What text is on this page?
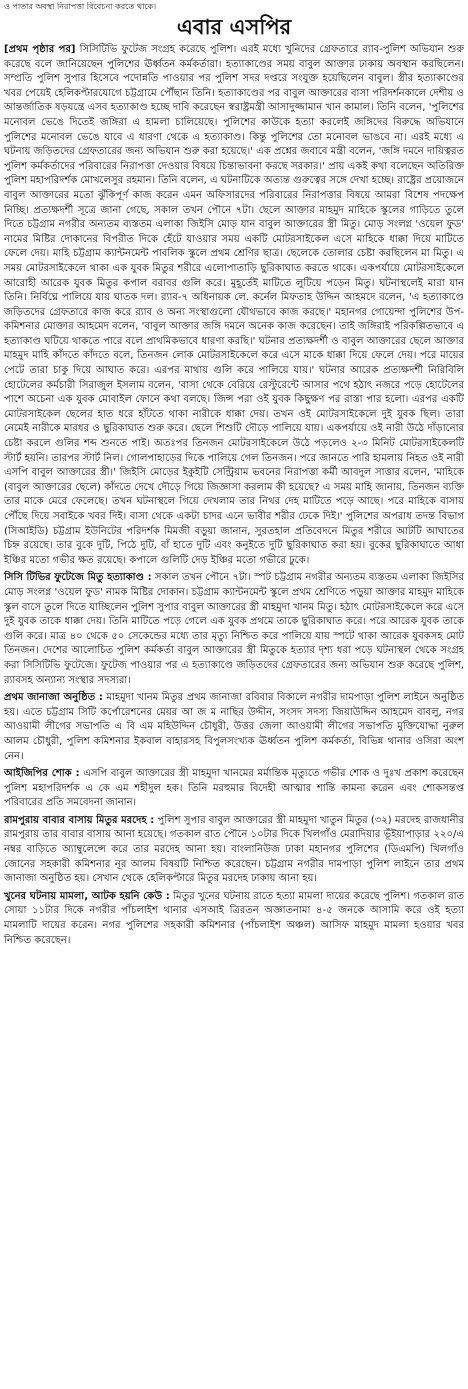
ও পাতার অবস্থা নিরাপত্তা বিবেচনা করতে থাকে।
এবার এসপির

[প্রথম পৃষ্ঠার পর] সিসিটিভি ফুটেজ সংগ্রহ করেছে পুলিশ। এরই মধ্যে খুনিদের গ্রেফতারে র‍্যাব-পুলিশ অভিযান শুরু করেছে বলে জানিয়েছেন পুলিশের ঊর্ধ্বতন কর্মকর্তারা। হত্যাকাণ্ডের সময় বাবুল আক্তার ঢাকায় অবস্থান করছিলেন। সম্প্রতি পুলিশ সুপার হিসেবে পদোন্নতি পাওয়ার পর পুলিশ সদর দপ্তরে সংযুক্ত হয়েছিলেন বাবুল। স্ত্রীর হত্যাকাণ্ডের খবর পেয়েই হেলিকপ্টারযোগে চট্টগ্রামে পৌঁছান তিনি। হত্যাকাণ্ডের পর বাবুল আক্তারের বাসা পরিদর্শনকালে দেশীয় ও আন্তর্জাতিক ষড়যন্ত্রে এসব হত্যাকাণ্ড হচ্ছে দাবি করেছেন স্বরাষ্ট্রমন্ত্রী আসাদুজ্জামান খান কামাল। তিনি বলেন, 'পুলিশের মনোবল ভেঙে দিতেই জঙ্গিরা এ হামলা চালিয়েছে। পুলিশের কাউকে হত্যা করলেই জঙ্গিদের বিরুদ্ধে অভিযানে পুলিশের মনোবল ভেঙে যাবে এ ধারণা থেকে এ হত্যাকাণ্ড। কিন্তু পুলিশের তো মনোবল ভাঙবে না। এরই মধ্যে এ ঘটনায় জড়িতদের গ্রেফতারের জন্য অভিযান শুরু করা হয়েছে।' এক প্রশ্নের জবাবে মন্ত্রী বলেন, 'জঙ্গি দমনে দায়িত্বরত পুলিশ কর্মকর্তাদের পরিবারের নিরাপত্তা দেওয়ার বিষয়ে চিন্তাভাবনা করছে সরকার।' প্রায় একই কথা বলেছেন অতিরিক্ত পুলিশ মহাপরিদর্শক মোখলেসুর রহমান। তিনি বলেন, এ ঘটনাটিকে অত্যন্ত গুরুত্বের সঙ্গে দেখা হচ্ছে। রাষ্ট্রের প্রয়োজনে বাবুল আক্তারের মতো ঝুঁকিপূর্ণ কাজ করেন এমন অফিসারদের পরিবারের নিরাপত্তার বিষয়ে আমরা বিশেষ পদক্ষেপ নিচ্ছি। প্রত্যক্ষদর্শী সূত্রে জানা গেছে, সকাল তখন পৌনে ৭টা। ছেলে আক্তার মাহমুদ মাহিকে স্কুলের গাড়িতে তুলে দিতে চট্টগ্রাম নগরীর অন্যতম ব্যস্ততম এলাকা জিইসি মোড় যান বাবুল আক্তারের স্ত্রী মিতু। মোড় সংলগ্ন 'ওয়েল ফুড' নামের মিষ্টির দোকানের বিপরীত দিকে হেঁটে যাওয়ার সময় একটি মোটরসাইকেল এসে মাহিকে ধাক্কা দিয়ে মাটিতে ফেলে দেয়। মাহি চট্টগ্রাম ক্যান্টনমেন্ট পাবলিক স্কুলে প্রথম শ্রেণির ছাত্র। ছেলেকে তোলার চেষ্টা করছিলেন মা মিতু। এ সময় মোটরসাইকেলে থাকা এক যুবক মিতুর শরীরে এলোপাতাড়ি ছুরিকাঘাত করতে থাকে। একপর্যায়ে মোটরসাইকেলে আরোহী আরেক যুবক মিতুর কপাল বরাবর গুলি করে। মুহূর্তেই মাটিতে লুটিয়ে পড়েন মিতু। ঘটনাস্থলেই মারা যান তিনি। নির্বিঘ্নে পালিয়ে যায় ঘাতক দল। র‍্যাব-৭ অধিনায়ক লে. কর্নেল মিফতাহ উদ্দিন আহমদে বলেন, 'এ হত্যাকাণ্ডে জড়িতদের গ্রেফতারে কাজ করে র‍্যাব ও অন্য সংস্থাগুলো যৌথভাবে কাজ করছে।' মহানগর গোয়েন্দা পুলিশের উপ-কমিশনার মোক্তার আহমেদ বলেন, 'বাবুল আক্তার জঙ্গি দমনে অনেক কাজ করেছেন। তাই জঙ্গিরাই পরিকল্পিতভাবে এ হত্যাকাণ্ড ঘটিয়ে থাকতে পারে বলে প্রাথমিকভাবে ধারণা করছি।' ঘটনার প্রত্যক্ষদর্শী ও বাবুল আক্তারের ছেলে আক্তার মাহমুদ মাহি কাঁদতে কাঁদতে বলে, তিনজন লোক মোটরসাইকেলে করে এসে মাকে ধাক্কা দিয়ে ফেলে দেয়। পরে মায়ের পেটে তারা চাকু দিয়ে আঘাত করে। এরপর মাথায় গুলি করে পালিয়ে যায়।' ঘটনার আরেক প্রত্যক্ষদর্শী নিরিবিলি হোটেলের কর্মচারী সিরাজুল ইসলাম বলেন, 'বাসা থেকে বেরিয়ে রেস্টুরেন্টে আসার পথে হঠাৎ নজরে পড়ে হোটেলের পাশে অচেনা এক যুবক মোবাইল ফোনে কথা বলছে। জিন্স পরা ওই যুবক কিছুক্ষণ পর রাস্তা পার হলো। এরপর একটি মোটরসাইকেল ছেলের হাত ধরে হাঁটতে থাকা নারীকে ধাক্কা দেয়। তখন ওই মোটরসাইকেলে দুই যুবক ছিল। তারা নেমেই নারীকে মারধর ও ছুরিকাঘাত শুরু করে। ছেলে শিশুটি দৌড়ে পালিয়ে যায়। একপর্যায়ে ওই নারী উঠে দাঁড়ানোর চেষ্টা করলে গুলির শব্দ শুনতে পাই। অতঃপর তিনজন মোটরসাইকেলে উঠে পড়লেও ২-৩ মিনিট মোটরসাইকেলটি স্টার্ট হয়নি। তারপর স্টার্ট নিল। গোলপাহাড়ের দিকে পালিয়ে গেল তিনজন। পরে জানতে পারি হামলায় নিহত ওই নারী এসপি বাবুল আক্তারের স্ত্রী।' জিইসি মোড়ের ইকুইটি সেন্ট্রিয়াম ভবনের নিরাপত্তা কর্মী আবদুল সাত্তার বলেন, 'মাহিকে (বাবুল আক্তারের ছেলে) কাঁদতে দেখে দৌড়ে গিয়ে জিজ্ঞাসা করলাম কী হয়েছে? এ সময় মাহি জানায়, তিনজন ব্যক্তি তার মাকে মেরে ফেলেছে। তখন ঘটনাস্থলে গিয়ে দেখলাম তার নিথর দেহ মাটিতে পড়ে আছে। পরে মাহিকে বাসায় পৌঁছে দিয়ে সবাইকে খবর দিই। বাসা থেকে একটা চাদর এনে ভাবীর শরীর ঢেকে দিই।' পুলিশের অপরাধ তদন্ত বিভাগ (সিআইডি) চট্টগ্রাম ইউনিটের পরিদর্শক মিমজী বড়ুয়া জানান, সুরতহাল প্রতিবেদনে মিতুর শরীরে আটটি আঘাতের চিহ্ন রয়েছে। তার বুকে দুটি, পিঠে দুটি, বাঁ হাতে দুটি এবং কনুইতে দুটি ছুরিকাঘাত করা হয়। বুকের ছুরিকাঘাতে আধা ইঞ্চির মতো গভীর ক্ষত রয়েছে। কপালে গুলিটি দেড় ইঞ্চির মতো গভীরে ঢুকে।

সিসি টিভির ফুটেজে মিতু হত্যাকাণ্ড : সকাল তখন পৌনে ৭টা। স্পট চট্টগ্রাম নগরীর অন্যতম ব্যস্ততম এলাকা জিইসির মোড় সংলগ্ন 'ওয়েল ফুড' নামক মিষ্টির দোকান। চট্টগ্রাম ক্যান্টনমেন্ট স্কুলে প্রথম শ্রেণিতে পড়ুয়া আক্তার মাহমুদ মাহিকে স্কুল বাসে তুলে দিতে যাচ্ছিলেন পুলিশ সুপার বাবুল আক্তারের স্ত্রী মাহমুদা খানম মিতু। হঠাৎ মোটরসাইকেলে করে এসে দুই যুবক তাকে ধাক্কা দেয়। তিনি মাটিতে পড়ে গেলে এক যুবক প্রথমে তাকে ছুরিকাঘাত করে। পরে আরেক যুবক তাকে গুলি করে। মাত্র ৪০ থেকে ৫০ সেকেন্ডের মধ্যে তার মৃত্যু নিশ্চিত করে পালিয়ে যায় স্পটে থাকা আরেক যুবকসহ মোট তিনজন। দেশের আলোচিত পুলিশ কর্মকর্তা বাবুল আক্তারের স্ত্রী মিতুকে হত্যার দৃশ্য ধরা পড়ে ঘটনাস্থল থেকে সংগ্রহ করা সিসিটিভি ফুটেজে। ফুটেজ পাওয়ার পর এ হত্যাকাণ্ডে জড়িতদের গ্রেফতারের জন্য অভিযান শুরু করেছে পুলিশ, র‍্যাবসহ অন্যান্য সংস্থার সদস্যরা।

প্রথম জানাজা অনুষ্ঠিত : মাহমুদা খানম মিতুর প্রথম জানাজা রবিবার বিকালে নগরীর দামপাড়া পুলিশ লাইনে অনুষ্ঠিত হয়। এতে চট্টগ্রাম সিটি কর্পোরেশনের মেয়র আ জ ম নাছির উদ্দীন, সংসদ সদস্য জিয়াউদ্দিন আহমেদ বাবলু, নগর আওয়ামী লীগের সভাপতি এ বি এম মহিউদ্দিন চৌধুরী, উত্তর জেলা আওয়ামী লীগের সভাপতি মুক্তিযোদ্ধা নুরুল আলম চৌধুরী, পুলিশ কমিশনার ইকবাল বাহারসহ বিপুলসংখ্যক ঊর্ধ্বতন পুলিশ কর্মকর্তা, বিভিন্ন থানার ওসিরা অংশ নেন।

আইজিপির শোক : এসপি বাবুল আক্তারের স্ত্রী মাহমুদা খানমের মর্মান্তিক মৃত্যুতে গভীর শোক ও দুঃখ প্রকাশ করেছেন পুলিশ মহাপরিদর্শক এ কে এম শহীদুল হক। তিনি মরহুমার বিদেহী আত্মার শান্তি কামনা করেন এবং শোকসন্তপ্ত পরিবারের প্রতি সমবেদনা জানান।

রামপুরায় বাবার বাসায় মিতুর মরদেহ : পুলিশ সুপার বাবুল আক্তারের স্ত্রী মাহমুদা খাতুন মিতুর (৩২) মরদেহ রাজধানীর রামপুরায় তার বাবার বাসায় আনা হয়েছে। গতকাল রাত পৌনে ১০টার দিকে খিলগাঁও মেরাদিয়ার ভূঁইয়াপাড়ার ২২০/এ নম্বর বাড়িতে অ্যাম্বুলেন্সে করে তার মরদেহ আনা হয়। বাংলানিউজ ঢাকা মহানগর পুলিশের (ডিএমপি) খিলগাঁও জোনের সহকারী কমিশনার নূর আলম বিষয়টি নিশ্চিত করেছেন। চট্টগ্রাম নগরীর দামপাড়া পুলিশ লাইনে তার প্রথম জানাজা অনুষ্ঠিত হয়। সেখান থেকে হেলিকপ্টারে মিতুর মরদেহ ঢাকায় আনা হয়।

খুনের ঘটনায় মামলা, আটক হয়নি কেউ : মিতুর খুনের ঘটনায় রাতে হত্যা মামলা দায়ের করেছে পুলিশ। গতকাল রাত সোয়া ১১টার দিকে নগরীর পাঁচলাইশ থানার এসআই ত্রিরতন অজ্ঞাতনামা ৪-৫ জনকে আসামি করে ওই হত্যা মামলাটি দায়ের করেন। নগর পুলিশের সহকারী কমিশনার (পাঁচলাইশ অঞ্চল) আসিফ মাহমুদ মামলা হওয়ার খবর নিশ্চিত করেছেন।
